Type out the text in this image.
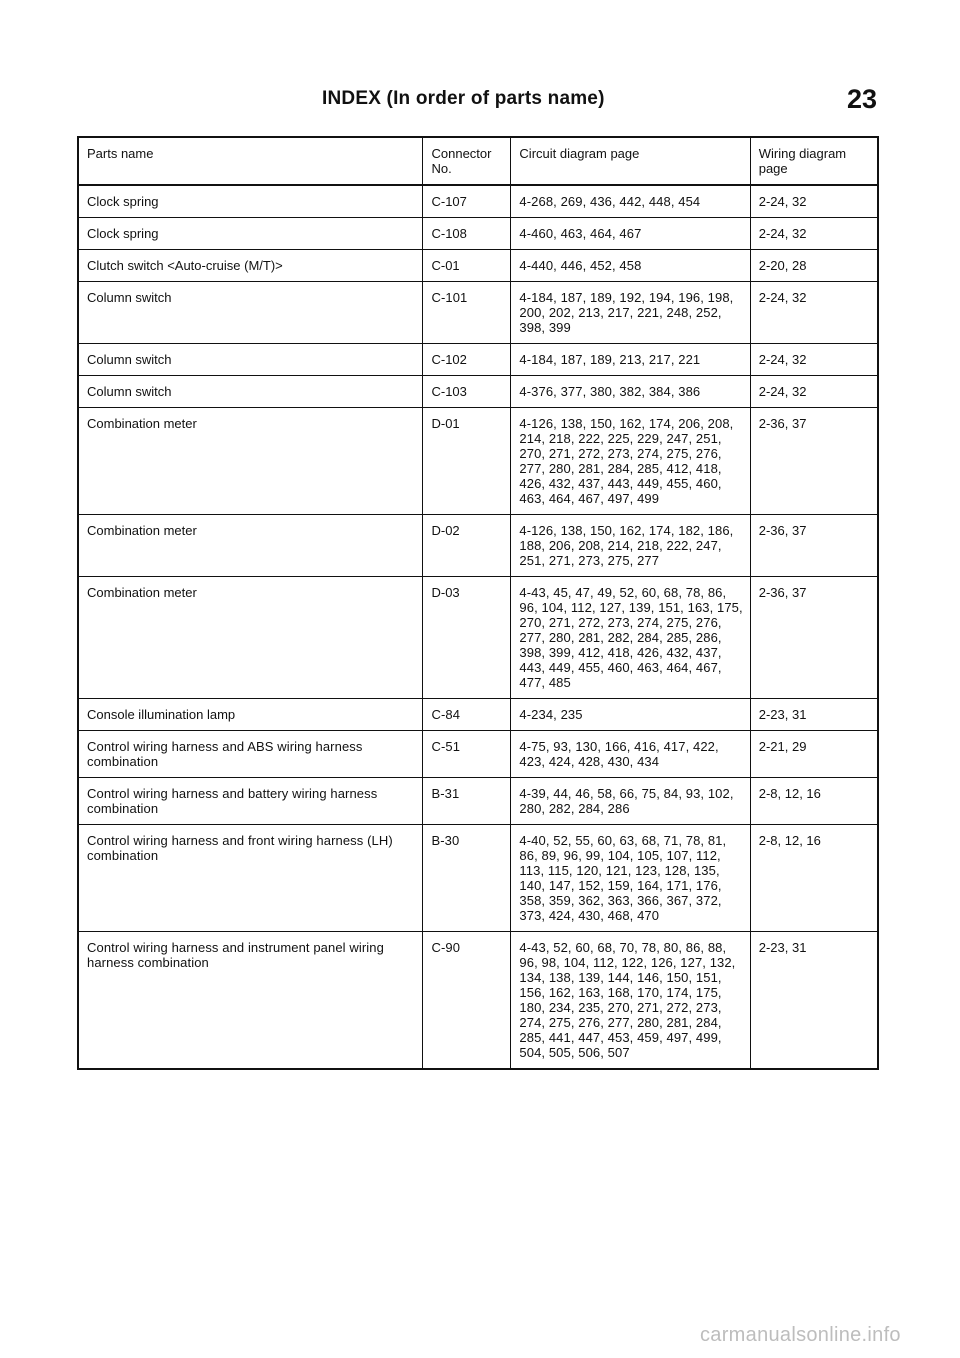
INDEX (In order of parts name)	23
Parts name	Connector No.	Circuit diagram page	Wiring diagram page
Clock spring	C-107	4-268, 269, 436, 442, 448, 454	2-24, 32
Clock spring	C-108	4-460, 463, 464, 467	2-24, 32
Clutch switch <Auto-cruise (M/T)>	C-01	4-440, 446, 452, 458	2-20, 28
Column switch	C-101	4-184, 187, 189, 192, 194, 196, 198, 200, 202, 213, 217, 221, 248, 252, 398, 399	2-24, 32
Column switch	C-102	4-184, 187, 189, 213, 217, 221	2-24, 32
Column switch	C-103	4-376, 377, 380, 382, 384, 386	2-24, 32
Combination meter	D-01	4-126, 138, 150, 162, 174, 206, 208, 214, 218, 222, 225, 229, 247, 251, 270, 271, 272, 273, 274, 275, 276, 277, 280, 281, 284, 285, 412, 418, 426, 432, 437, 443, 449, 455, 460, 463, 464, 467, 497, 499	2-36, 37
Combination meter	D-02	4-126, 138, 150, 162, 174, 182, 186, 188, 206, 208, 214, 218, 222, 247, 251, 271, 273, 275, 277	2-36, 37
Combination meter	D-03	4-43, 45, 47, 49, 52, 60, 68, 78, 86, 96, 104, 112, 127, 139, 151, 163, 175, 270, 271, 272, 273, 274, 275, 276, 277, 280, 281, 282, 284, 285, 286, 398, 399, 412, 418, 426, 432, 437, 443, 449, 455, 460, 463, 464, 467, 477, 485	2-36, 37
Console illumination lamp	C-84	4-234, 235	2-23, 31
Control wiring harness and ABS wiring harness combination	C-51	4-75, 93, 130, 166, 416, 417, 422, 423, 424, 428, 430, 434	2-21, 29
Control wiring harness and battery wiring harness combination	B-31	4-39, 44, 46, 58, 66, 75, 84, 93, 102, 280, 282, 284, 286	2-8, 12, 16
Control wiring harness and front wiring harness (LH) combination	B-30	4-40, 52, 55, 60, 63, 68, 71, 78, 81, 86, 89, 96, 99, 104, 105, 107, 112, 113, 115, 120, 121, 123, 128, 135, 140, 147, 152, 159, 164, 171, 176, 358, 359, 362, 363, 366, 367, 372, 373, 424, 430, 468, 470	2-8, 12, 16
Control wiring harness and instrument panel wiring harness combination	C-90	4-43, 52, 60, 68, 70, 78, 80, 86, 88, 96, 98, 104, 112, 122, 126, 127, 132, 134, 138, 139, 144, 146, 150, 151, 156, 162, 163, 168, 170, 174, 175, 180, 234, 235, 270, 271, 272, 273, 274, 275, 276, 277, 280, 281, 284, 285, 441, 447, 453, 459, 497, 499, 504, 505, 506, 507	2-23, 31
carmanualsonline.info
